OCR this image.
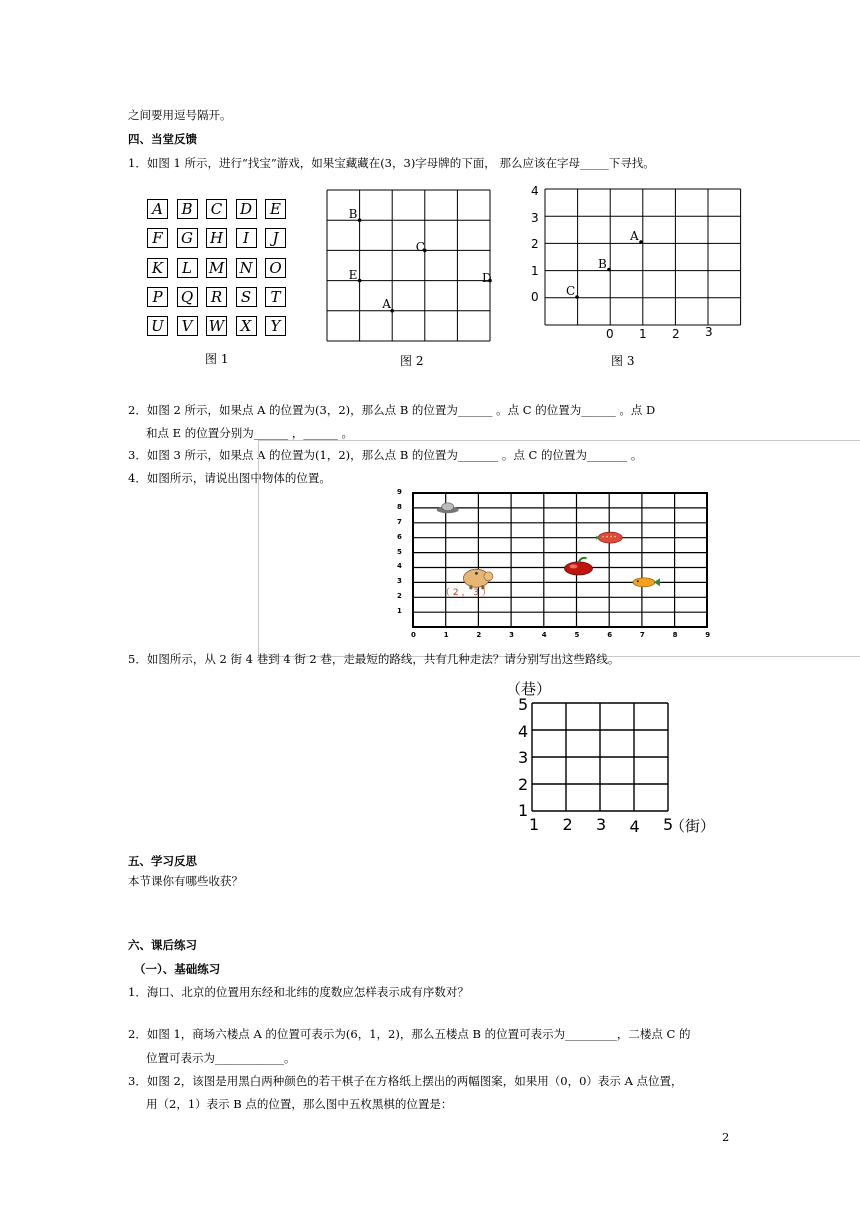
之间要用逗号隔开。
四、当堂反馈
1．如图 1 所示，进行“找宝”游戏，如果宝藏藏在(3，3)字母牌的下面， 那么应该在字母_____下寻找。
A	B	C	D	E
F	G	H	I	J
K	L	M N O
P	Q	R	S	T
U	V	W	X	Y
图 1	图 2	图 3
2．如图 2 所示，如果点 A 的位置为(3，2)，那么点 B 的位置为______ 。点 C 的位置为______ 。点 D
和点 E 的位置分别为______ ，______ 。
3．如图 3 所示，如果点 A 的位置为(1，2)，那么点 B 的位置为_______ 。点 C 的位置为_______ 。
4．如图所示，请说出图中物体的位置。
5．如图所示，从 2 街 4 巷到 4 街 2 巷，走最短的路线，共有几种走法？请分别写出这些路线。
五、学习反思
本节课你有哪些收获？
六、课后练习
（一）、基础练习
1．海口、北京的位置用东经和北纬的度数应怎样表示成有序数对？
2．如图 1，商场六楼点 A 的位置可表示为(6，1，2)，那么五楼点 B 的位置可表示为_________，二楼点 C 的
位置可表示为____________。
3．如图 2，该图是用黑白两种颜色的若干棋子在方格纸上摆出的两幅图案，如果用（0，0）表示 A 点位置，
用（2，1）表示 B 点的位置，那么图中五枚黑棋的位置是：
2
B
C
E	D
A
4
3
2
1
0
0 1 2 3
A
B
C
0	1	2	3	4	5	6	7	8	9
1
2
3
4
5
6
7
8
9
（ 2 ， 3 ）
（巷）
5
4
3
2
1
1 2 3 4 5
（街）
